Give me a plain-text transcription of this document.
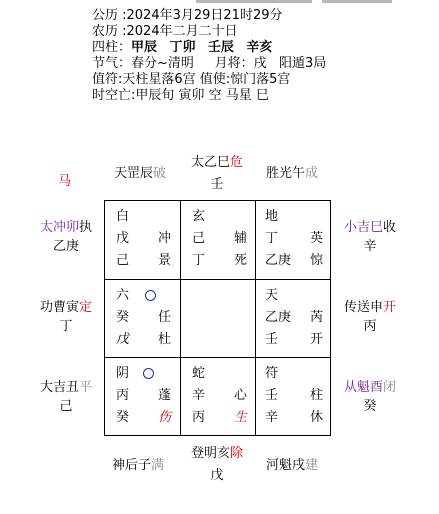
公历 :2024年3月29日21时29分
农历 :2024年二月二十日
四柱：甲辰 丁卯 壬辰 辛亥
节气：春分~清明 月将：戌 阳遁3局
值符:天柱星落6宫 值使:惊门落5宫
时空亡:甲辰旬 寅卯 空 马星 巳
马
天罡辰破
太乙巳危
壬
胜光午成
太冲卯执
乙庚
功曹寅定
丁
大吉丑平
己
小吉巳收
辛
传送申开
丙
从魁酉闭
癸
神后子满
登明亥除
戊
河魁戌建
白
戊 冲
己 景
玄
己 辅
丁 死
地
丁 英
乙庚 惊
六
癸 任
戊 杜
天
乙庚 芮
壬 开
阴
丙 蓬
癸 伤
蛇
辛 心
丙 生
符
壬 柱
辛 休
